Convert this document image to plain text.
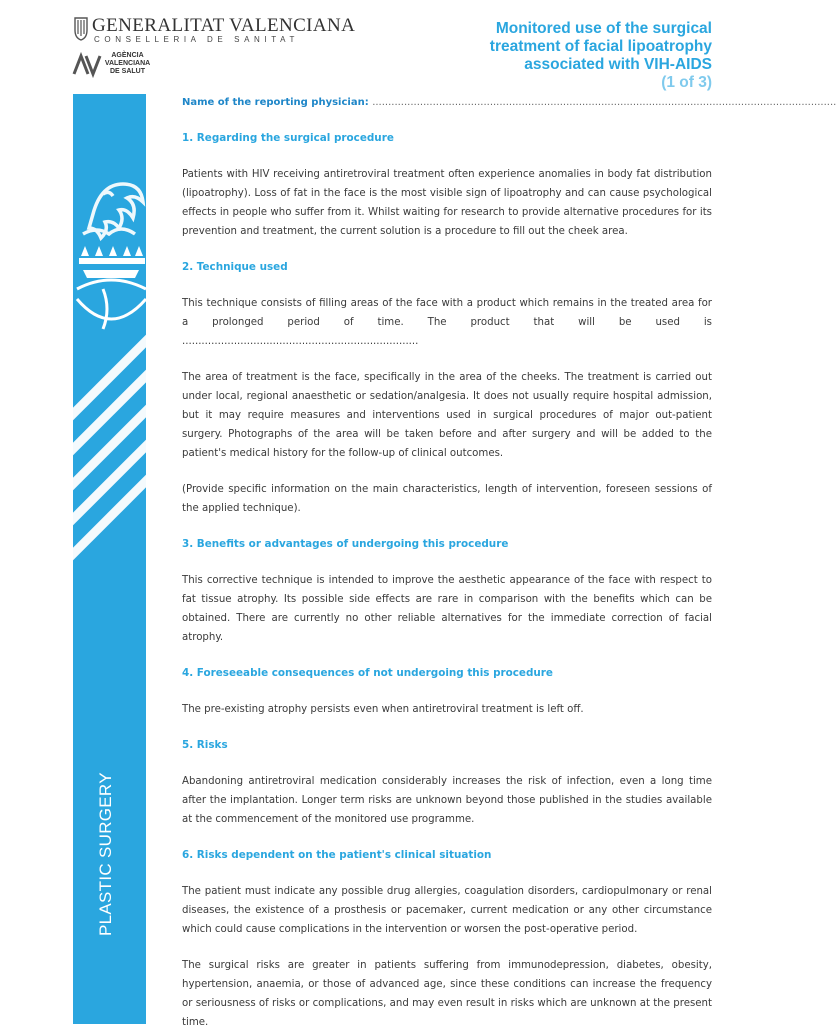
GENERALITAT VALENCIANA
CONSELLERIA DE SANITAT
AGÈNCIA
VALENCIANA
DE SALUT
Monitored use of the surgical
treatment of facial lipoatrophy
associated with VIH-AIDS
(1 of 3)
PLASTIC SURGERY
Name of the reporting physician: ..................................................................................................................................................
1. Regarding the surgical procedure

Patients with HIV receiving antiretroviral treatment often experience anomalies in body fat distribution (lipoatrophy). Loss of fat in the face is the most visible sign of lipoatrophy and can cause psychological effects in people who suffer from it. Whilst waiting for research to provide alternative procedures for its prevention and treatment, the current solution is a procedure to fill out the cheek area.

2. Technique used

This technique consists of filling areas of the face with a product which remains in the treated area for a prolonged period of time. The product that will be used is .........................................................................

The area of treatment is the face, specifically in the area of the cheeks. The treatment is carried out under local, regional anaesthetic or sedation/analgesia. It does not usually require hospital admission, but it may require measures and interventions used in surgical procedures of major out-patient surgery. Photographs of the area will be taken before and after surgery and will be added to the patient's medical history for the follow-up of clinical outcomes.

(Provide specific information on the main characteristics, length of intervention, foreseen sessions of the applied technique).

3. Benefits or advantages of undergoing this procedure

This corrective technique is intended to improve the aesthetic appearance of the face with respect to fat tissue atrophy. Its possible side effects are rare in comparison with the benefits which can be obtained. There are currently no other reliable alternatives for the immediate correction of facial atrophy.

4. Foreseeable consequences of not undergoing this procedure

The pre-existing atrophy persists even when antiretroviral treatment is left off.

5. Risks

Abandoning antiretroviral medication considerably increases the risk of infection, even a long time after the implantation. Longer term risks are unknown beyond those published in the studies available at the commencement of the monitored use programme.

6. Risks dependent on the patient's clinical situation

The patient must indicate any possible drug allergies, coagulation disorders, cardiopulmonary or renal diseases, the existence of a prosthesis or pacemaker, current medication or any other circumstance which could cause complications in the intervention or worsen the post-operative period.

The surgical risks are greater in patients suffering from immunodepression, diabetes, obesity, hypertension, anaemia, or those of advanced age, since these conditions can increase the frequency or seriousness of risks or complications, and may even result in risks which are unknown at the present time.
